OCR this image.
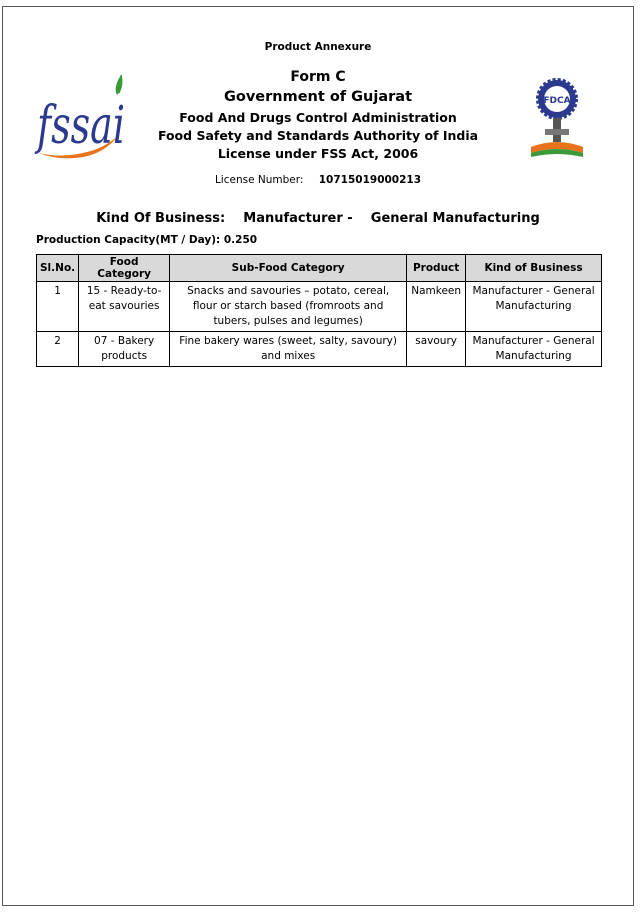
Product Annexure
fssai	FDCA
Form C
Government of Gujarat
Food And Drugs Control Administration
Food Safety and Standards Authority of India
License under FSS Act, 2006
License Number: 10715019000213
Kind Of Business: Manufacturer - General Manufacturing
Production Capacity(MT / Day): 0.250
Sl.No.	Food Category	Sub-Food Category	Product	Kind of Business
1	15 - Ready-to-eat savouries	Snacks and savouries – potato, cereal, flour or starch based (fromroots and tubers, pulses and legumes)	Namkeen	Manufacturer - General Manufacturing
2	07 - Bakery products	Fine bakery wares (sweet, salty, savoury) and mixes	savoury	Manufacturer - General Manufacturing
